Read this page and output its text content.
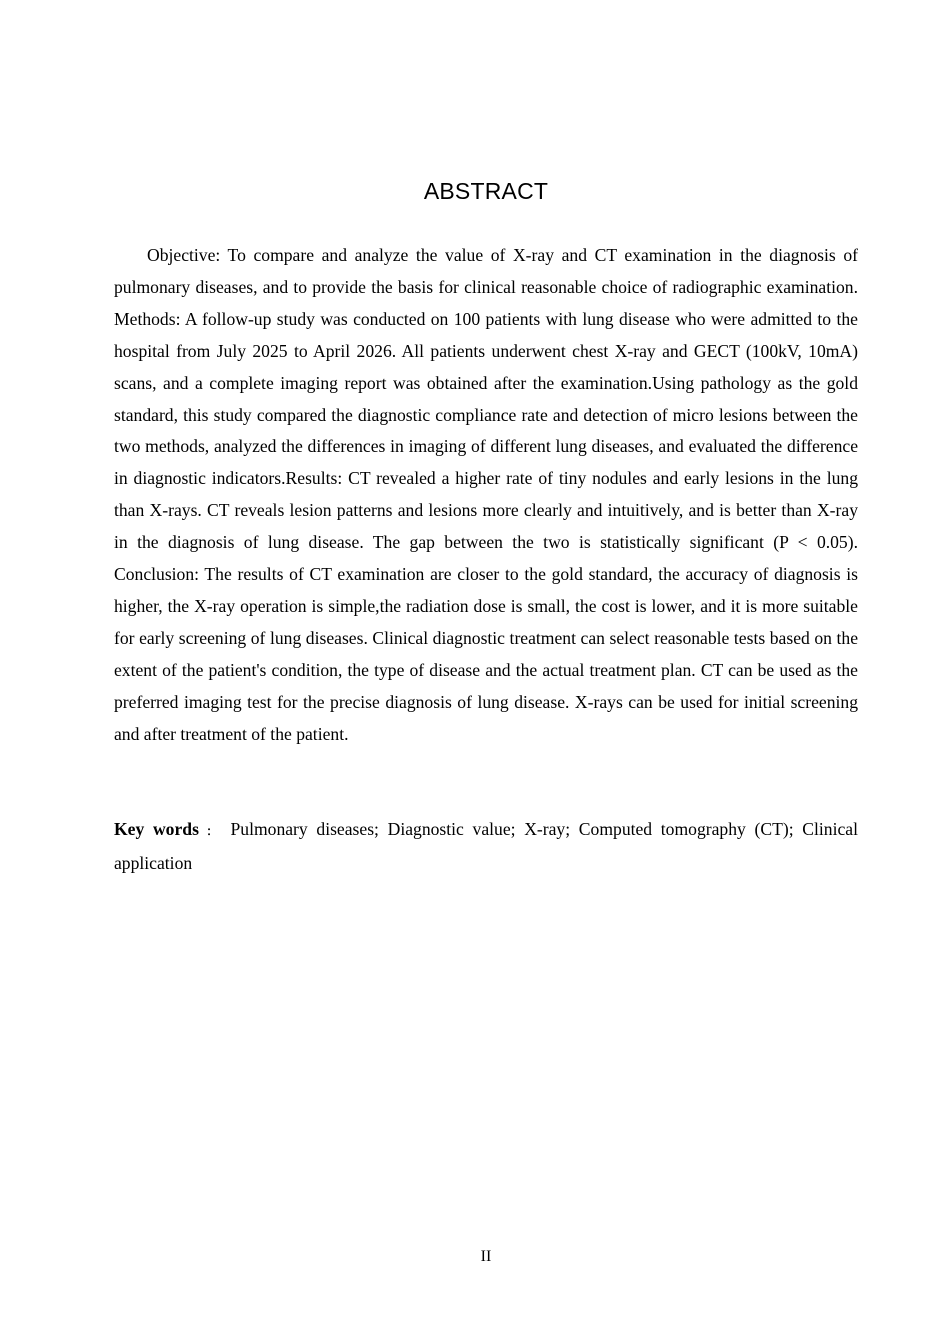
ABSTRACT

Objective: To compare and analyze the value of X-ray and CT examination in the diagnosis of pulmonary diseases, and to provide the basis for clinical reasonable choice of radiographic examination. Methods: A follow-up study was conducted on 100 patients with lung disease who were admitted to the hospital from July 2025 to April 2026. All patients underwent chest X-ray and GECT (100kV, 10mA) scans, and a complete imaging report was obtained after the examination.Using pathology as the gold standard, this study compared the diagnostic compliance rate and detection of micro lesions between the two methods, analyzed the differences in imaging of different lung diseases, and evaluated the difference in diagnostic indicators.Results: CT revealed a higher rate of tiny nodules and early lesions in the lung than X-rays. CT reveals lesion patterns and lesions more clearly and intuitively, and is better than X-ray in the diagnosis of lung disease. The gap between the two is statistically significant (P < 0.05). Conclusion: The results of CT examination are closer to the gold standard, the accuracy of diagnosis is higher, the X-ray operation is simple,the radiation dose is small, the cost is lower, and it is more suitable for early screening of lung diseases. Clinical diagnostic treatment can select reasonable tests based on the extent of the patient's condition, the type of disease and the actual treatment plan. CT can be used as the preferred imaging test for the precise diagnosis of lung disease. X-rays can be used for initial screening and after treatment of the patient.

Key words ： Pulmonary diseases; Diagnostic value; X-ray; Computed tomography (CT); Clinical application

II
